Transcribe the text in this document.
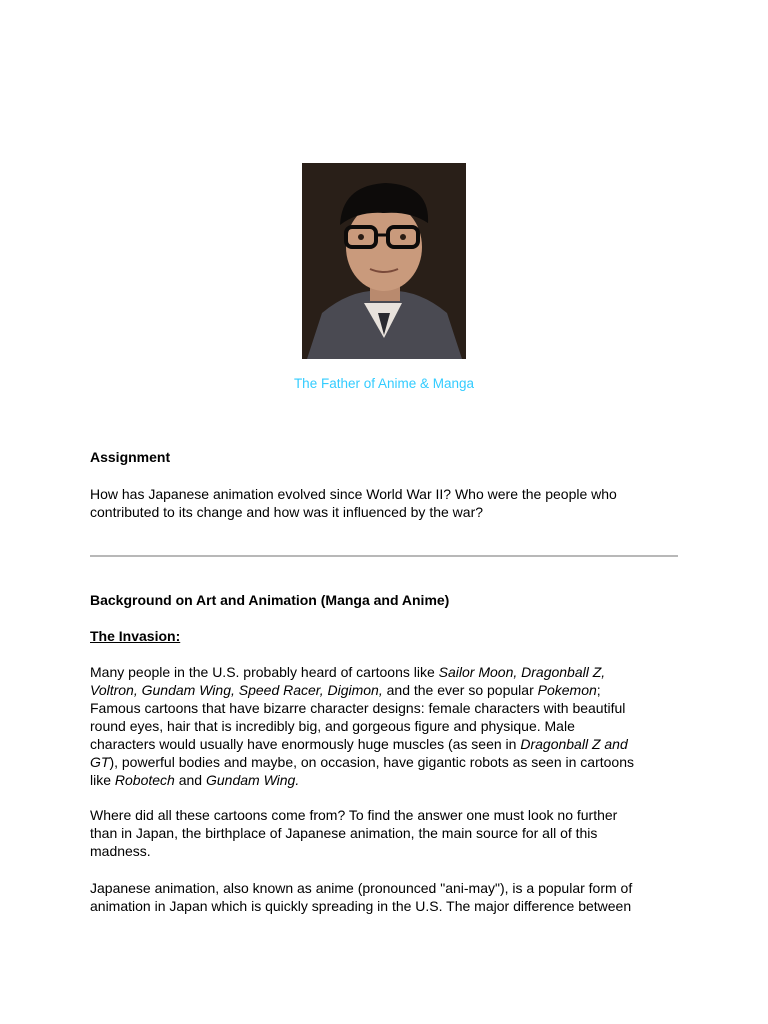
The Father of Anime & Manga
Assignment
How has Japanese animation evolved since World War II? Who were the people who
contributed to its change and how was it influenced by the war?
Background on Art and Animation (Manga and Anime)
The Invasion:
Many people in the U.S. probably heard of cartoons like Sailor Moon, Dragonball Z,
Voltron, Gundam Wing, Speed Racer, Digimon, and the ever so popular Pokemon;
Famous cartoons that have bizarre character designs: female characters with beautiful
round eyes, hair that is incredibly big, and gorgeous figure and physique. Male
characters would usually have enormously huge muscles (as seen in Dragonball Z and
GT), powerful bodies and maybe, on occasion, have gigantic robots as seen in cartoons
like Robotech and Gundam Wing.
Where did all these cartoons come from? To find the answer one must look no further
than in Japan, the birthplace of Japanese animation, the main source for all of this
madness.
Japanese animation, also known as anime (pronounced "ani-may"), is a popular form of
animation in Japan which is quickly spreading in the U.S. The major difference between
